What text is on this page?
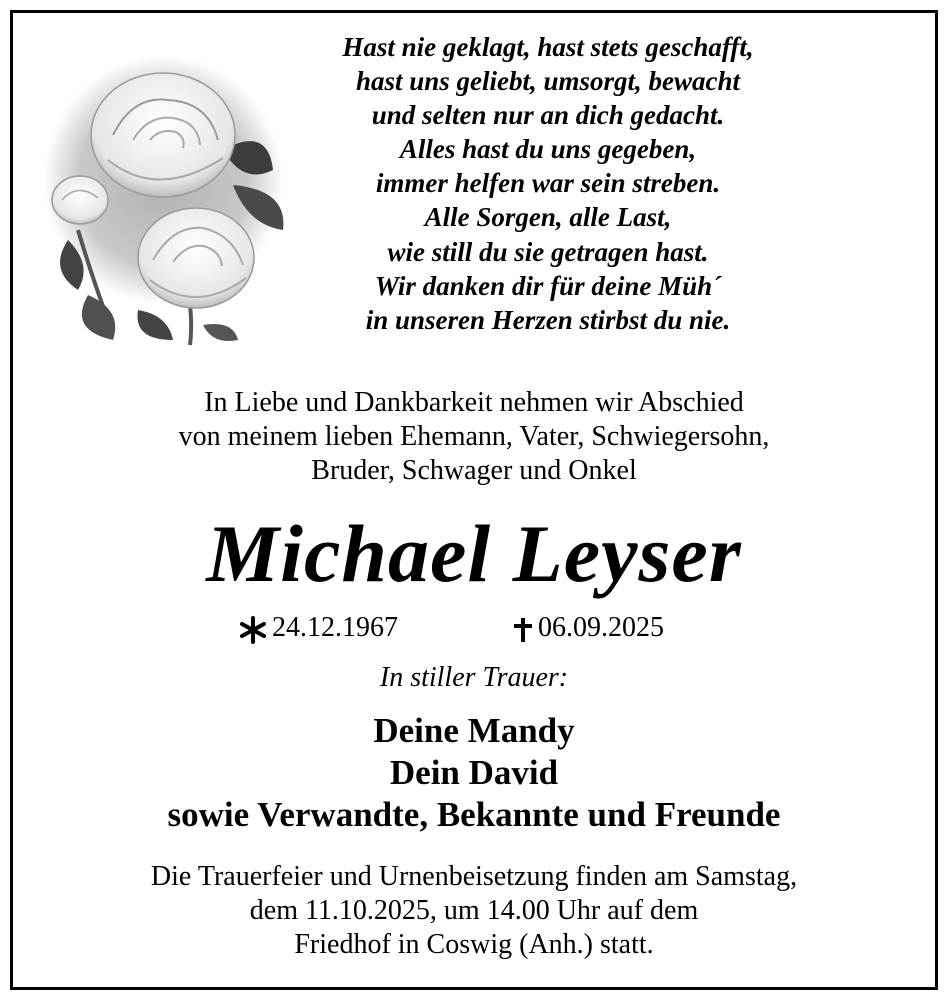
Hast nie geklagt, hast stets geschafft,
hast uns geliebt, umsorgt, bewacht
und selten nur an dich gedacht.
Alles hast du uns gegeben,
immer helfen war sein streben.
Alle Sorgen, alle Last,
wie still du sie getragen hast.
Wir danken dir für deine Müh´
in unseren Herzen stirbst du nie.
In Liebe und Dankbarkeit nehmen wir Abschied
von meinem lieben Ehemann, Vater, Schwiegersohn,
Bruder, Schwager und Onkel
Michael Leyser
24.12.1967	06.09.2025
In stiller Trauer:
Deine Mandy
Dein David
sowie Verwandte, Bekannte und Freunde
Die Trauerfeier und Urnenbeisetzung finden am Samstag,
dem 11.10.2025, um 14.00 Uhr auf dem
Friedhof in Coswig (Anh.) statt.
